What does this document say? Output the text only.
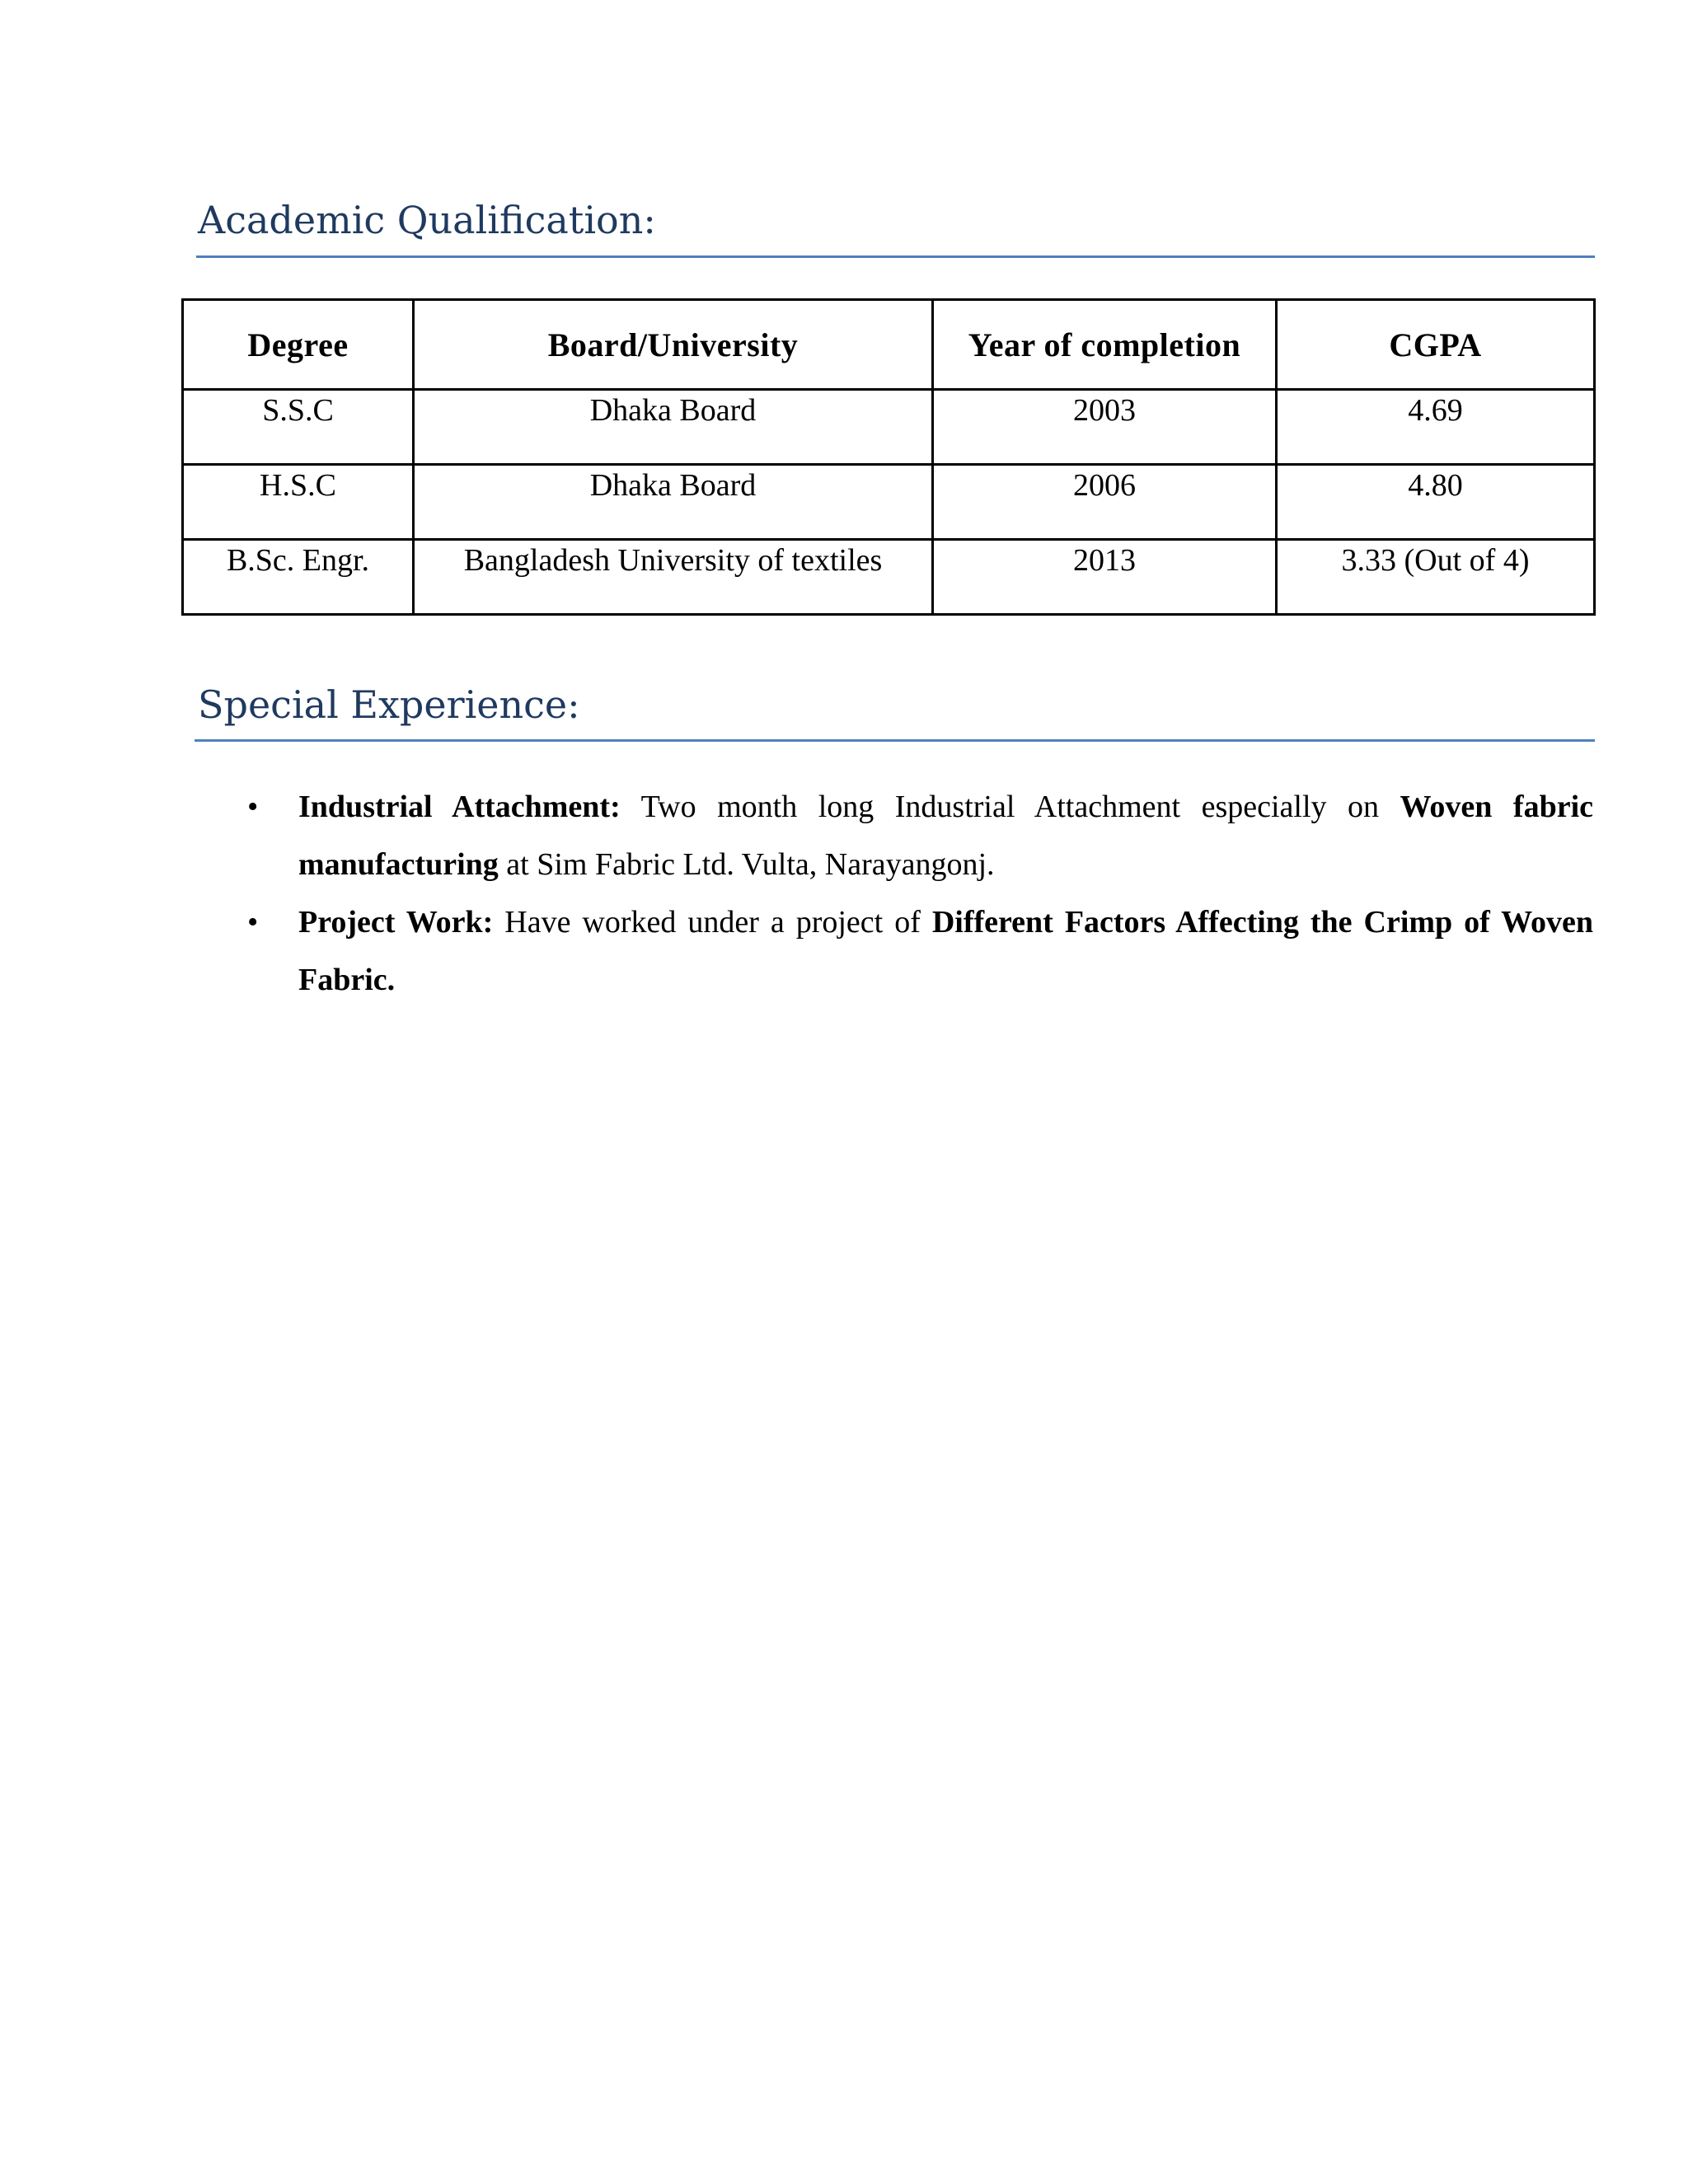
Academic Qualification:
Degree	Board/University	Year of completion	CGPA
S.S.C	Dhaka Board	2003	4.69
H.S.C	Dhaka Board	2006	4.80
B.Sc. Engr.	Bangladesh University of textiles	2013	3.33 (Out of 4)
Special Experience:
• Industrial Attachment: Two month long Industrial Attachment especially on Woven fabric manufacturing at Sim Fabric Ltd. Vulta, Narayangonj.
• Project Work: Have worked under a project of Different Factors Affecting the Crimp of Woven Fabric.
